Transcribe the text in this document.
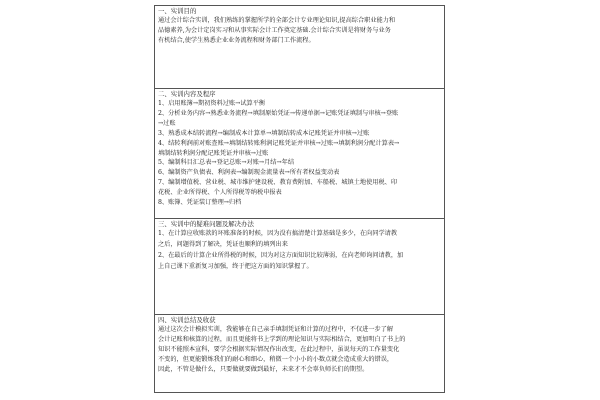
一、实训目的
通过会计综合实训，我们熟练的掌握所学的全部会计专业理论知识,提高综合职业能力和
品德素养,为会计定岗实习和从事实际会计工作奠定基础.会计综合实训是将财务与业务
有机结合,使学生熟悉企业业务流程和财务部门工作流程。
二、实训内容及程序
1、启用账簿→期初资料过账→试算平衡
2、分析业务内容→熟悉业务流程→填制原始凭证→传递单据→记账凭证填制与审核→登账
→过账
3、熟悉成本结转流程→编制成本计算单→填制结转成本记账凭证并审核→过账
4、结转利润前对账查账→填制结转账利润记账凭证并审核→过账→填制利润分配计算表→
填制结转利润分配记账凭证并审核→过账
5、编制科目汇总表→登记总账→对账→月结→年结
6、编制资产负债表、利润表→编制现金流量表→所有者权益变动表
7、编制增值税、营业税、城市维护建设税、教育费附加、车船税、城镇土地使用税、印
花税、企业所得税、个人所得税等纳税申报表
8、账簿、凭证装订整理→归档
三、实训中的疑难问题及解决办法
1、在计算应收账款的坏账准备的时候，因为没有搞清楚计算基础是多少，在向同学请教
之后，问题得到了解决，凭证也顺利的填列出来
2、在最后的计算企业所得税的时候，因为对这方面知识比较薄弱，在向老师询问请教，加
上自己课下重新复习加强，终于把这方面的知识掌握了。
四、实训总结及收获
通过这次会计模拟实训，我能够在自己亲手填制凭证和计算的过程中，不仅进一步了解
会计记账和核算的过程，而且更能将书上学到的理论知识与实际相结合，更加明白了书上的
知识不能照本宣科，要学会根据实际情况作出改变，在此过程中，虽说每天的工作量变化
不变的，但更能锻炼我们的耐心和细心，稍微一个小小的小数点就会造成重大的错误，
因此，不管是做什么，只要做就要做到最好，未来才不会辜负师长们的期望。
